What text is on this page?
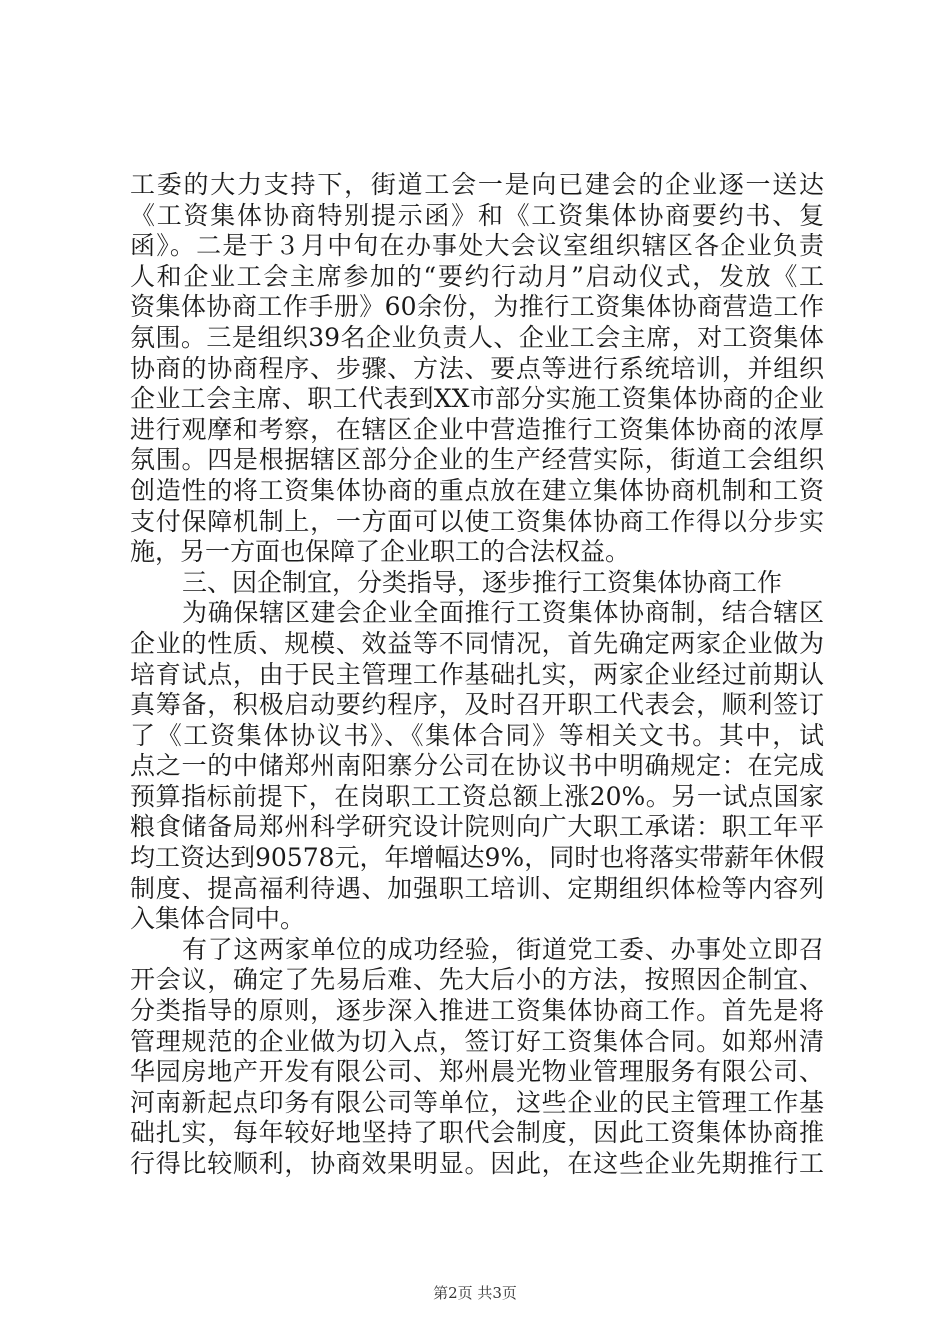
工委的大力支持下，街道工会一是向已建会的企业逐一送达
《工资集体协商特别提示函》和《工资集体协商要约书、复
函》。二是于３月中旬在办事处大会议室组织辖区各企业负责
人和企业工会主席参加的“要约行动月”启动仪式，发放《工
资集体协商工作手册》60余份，为推行工资集体协商营造工作
氛围。三是组织39名企业负责人、企业工会主席，对工资集体
协商的协商程序、步骤、方法、要点等进行系统培训，并组织
企业工会主席、职工代表到XX市部分实施工资集体协商的企业
进行观摩和考察，在辖区企业中营造推行工资集体协商的浓厚
氛围。四是根据辖区部分企业的生产经营实际，街道工会组织
创造性的将工资集体协商的重点放在建立集体协商机制和工资
支付保障机制上，一方面可以使工资集体协商工作得以分步实
施，另一方面也保障了企业职工的合法权益。
三、因企制宜，分类指导，逐步推行工资集体协商工作
为确保辖区建会企业全面推行工资集体协商制，结合辖区
企业的性质、规模、效益等不同情况，首先确定两家企业做为
培育试点，由于民主管理工作基础扎实，两家企业经过前期认
真筹备，积极启动要约程序，及时召开职工代表会，顺利签订
了《工资集体协议书》、《集体合同》等相关文书。其中，试
点之一的中储郑州南阳寨分公司在协议书中明确规定：在完成
预算指标前提下，在岗职工工资总额上涨20%。另一试点国家
粮食储备局郑州科学研究设计院则向广大职工承诺：职工年平
均工资达到90578元，年增幅达9%，同时也将落实带薪年休假
制度、提高福利待遇、加强职工培训、定期组织体检等内容列
入集体合同中。
有了这两家单位的成功经验，街道党工委、办事处立即召
开会议，确定了先易后难、先大后小的方法，按照因企制宜、
分类指导的原则，逐步深入推进工资集体协商工作。首先是将
管理规范的企业做为切入点，签订好工资集体合同。如郑州清
华园房地产开发有限公司、郑州晨光物业管理服务有限公司、
河南新起点印务有限公司等单位，这些企业的民主管理工作基
础扎实，每年较好地坚持了职代会制度，因此工资集体协商推
行得比较顺利，协商效果明显。因此，在这些企业先期推行工
第2页 共3页
